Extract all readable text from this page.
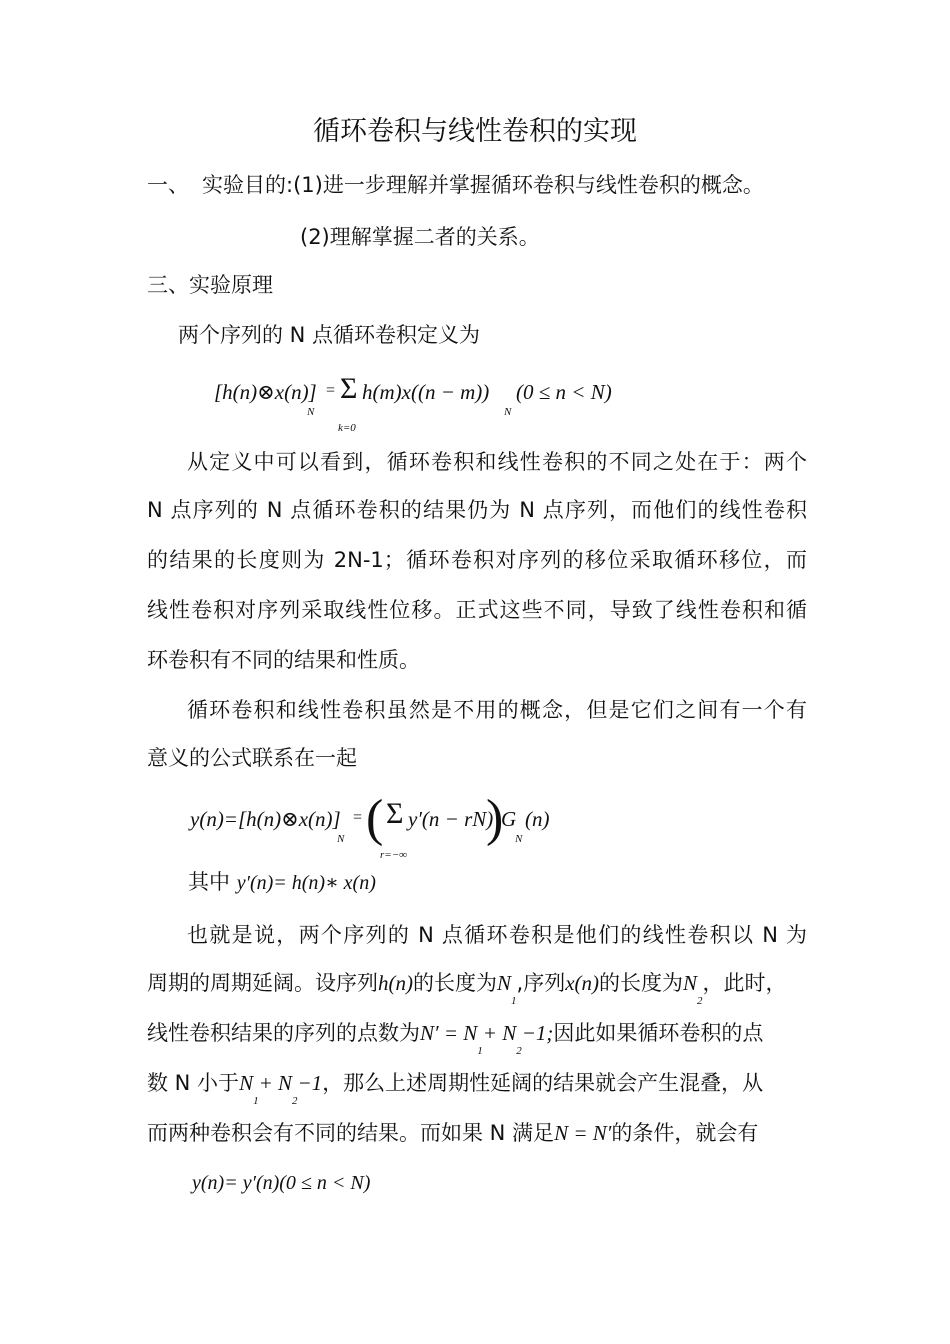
循环卷积与线性卷积的实现
一、 实验目的:(1)进一步理解并掌握循环卷积与线性卷积的概念。
(2)理解掌握二者的关系。
三、实验原理
两个序列的 N 点循环卷积定义为
[h(n)⊗x(n)]
N
= Σ
k=0
h(m)x((n − m))
N
(0 ≤ n < N)
从定义中可以看到，循环卷积和线性卷积的不同之处在于：两个
N 点序列的 N 点循环卷积的结果仍为 N 点序列，而他们的线性卷积
的结果的长度则为 2N-1；循环卷积对序列的移位采取循环移位，而
线性卷积对序列采取线性位移。正式这些不同，导致了线性卷积和循
环卷积有不同的结果和性质。
循环卷积和线性卷积虽然是不用的概念，但是它们之间有一个有
意义的公式联系在一起
y(n)=[h(n)⊗x(n)]
N
= ( Σ
r=−∞
y′(n − rN)
)
G
N
(n)
其中 y′(n)= h(n)∗ x(n)
也就是说，两个序列的 N 点循环卷积是他们的线性卷积以 N 为
周期的周期延阔。设序列h(n)的长度为$N_1$,序列x(n)的长度为$N_2$，此时，
线性卷积结果的序列的点数为$N' = N_1+ N_2-1$;因此如果循环卷积的点
数 N 小于$N_1+ N_2-1$，那么上述周期性延阔的结果就会产生混叠，从
而两种卷积会有不同的结果。而如果 N 满足N = N′的条件，就会有
y(n)= y′(n)(0 ≤ n < N)
